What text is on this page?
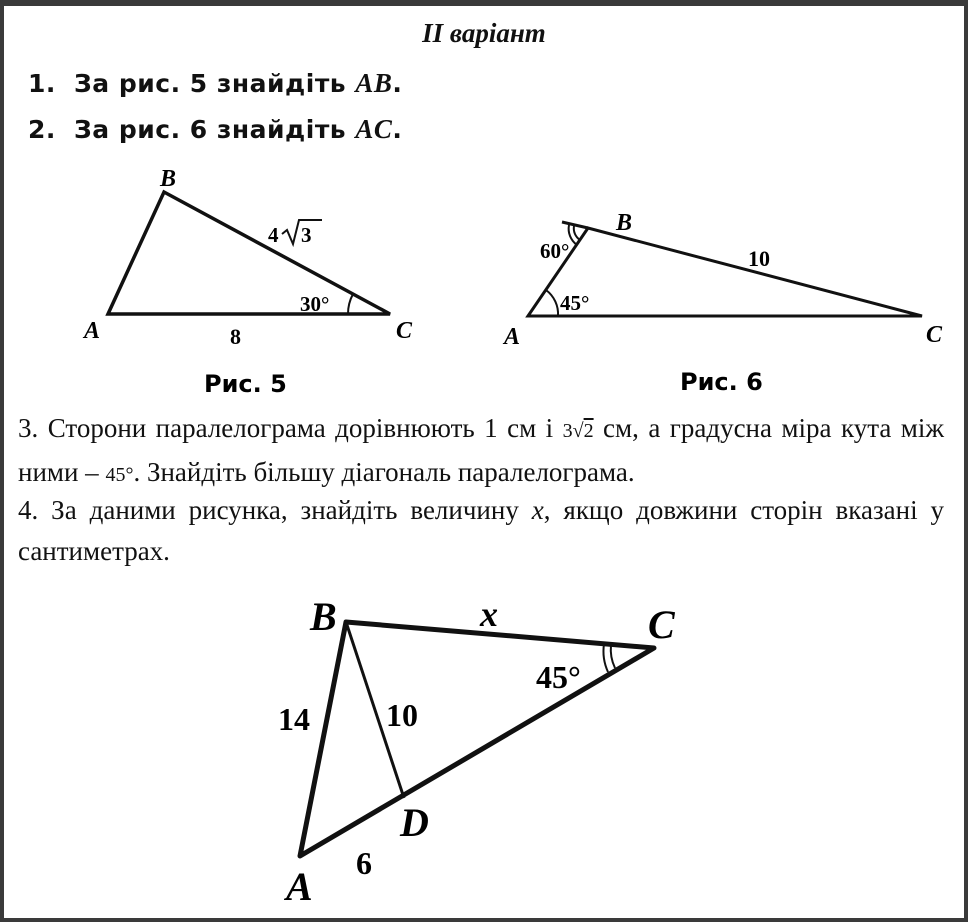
II варіант
1. За рис. 5 знайдіть AB.
2. За рис. 6 знайдіть AC.
A
B
C
4 3
8
30°
Рис. 5
A
B
C
10
60°
45°
Рис. 6
3. Сторони паралелограма дорівнюють 1 см і 3√2 см, а градусна міра кута між ними – 45°. Знайдіть більшу діагональ паралелограма.
4. За даними рисунка, знайдіть величину x, якщо довжини сторін вказані у сантиметрах.
A
B	C
D
x
14 10
6
45°
